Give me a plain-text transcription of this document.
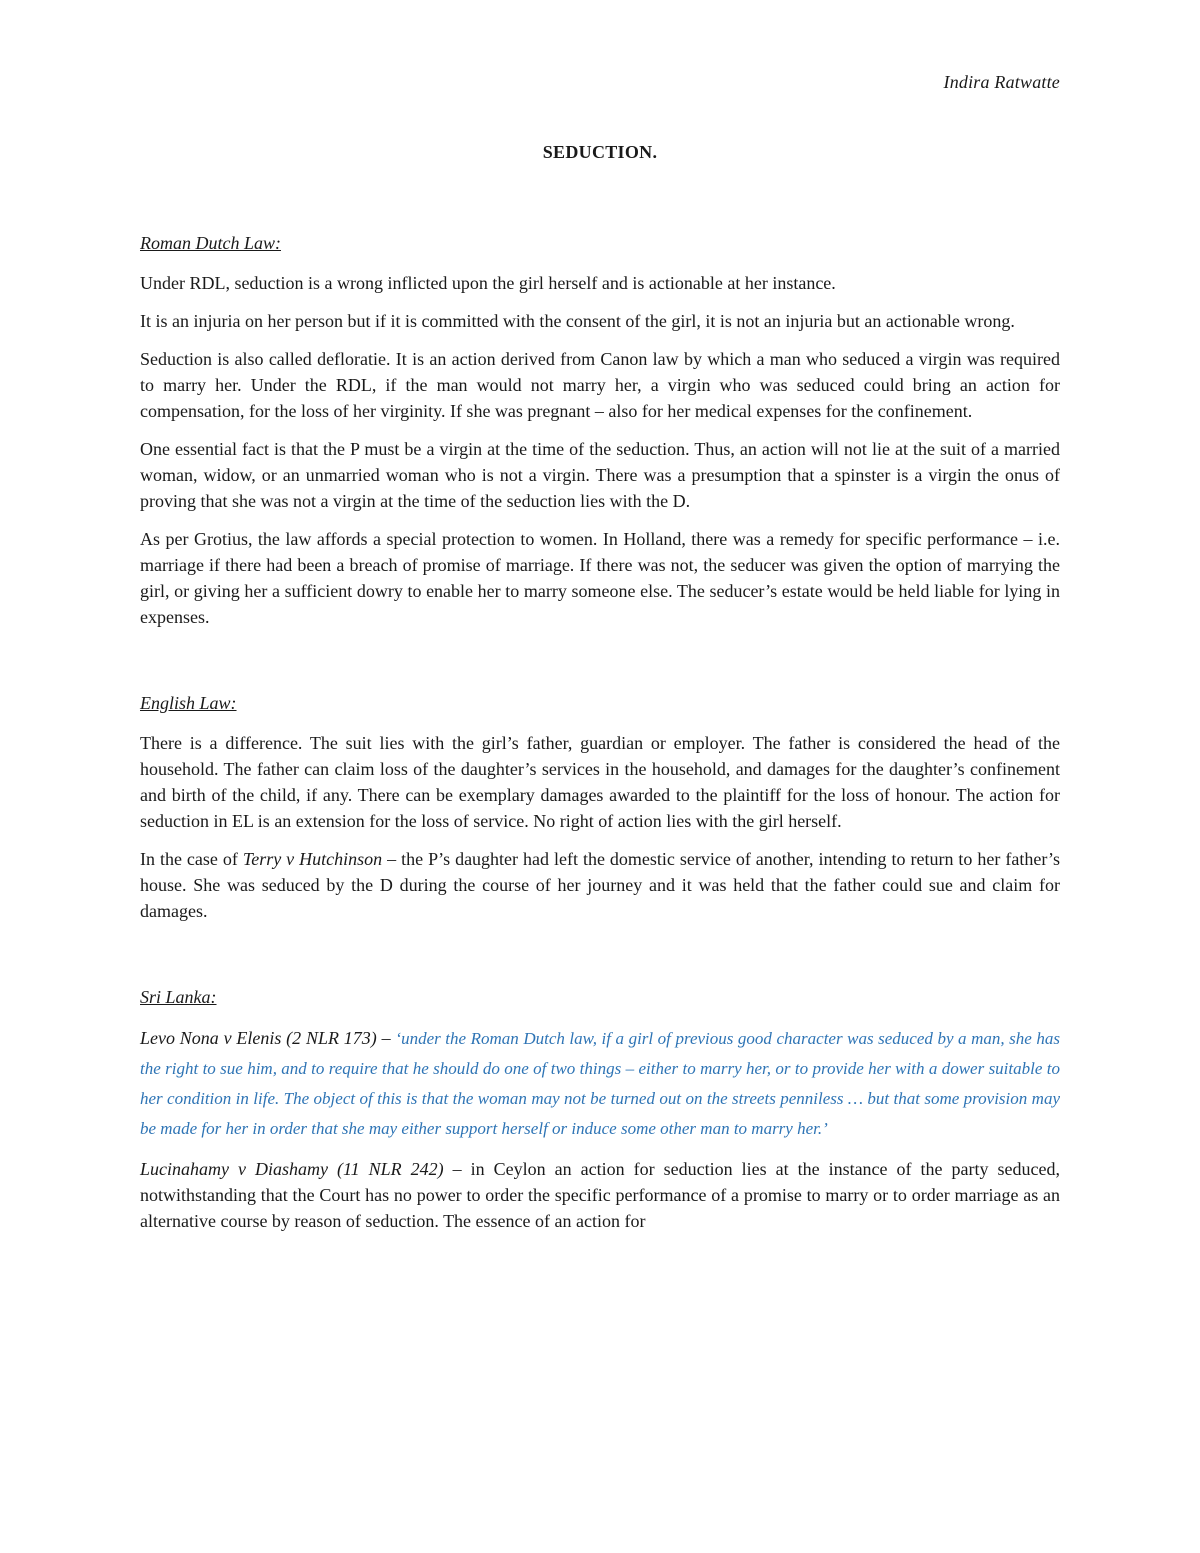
Indira Ratwatte
SEDUCTION.
Roman Dutch Law:

Under RDL, seduction is a wrong inflicted upon the girl herself and is actionable at her instance.

It is an injuria on her person but if it is committed with the consent of the girl, it is not an injuria but an actionable wrong.

Seduction is also called defloratie. It is an action derived from Canon law by which a man who seduced a virgin was required to marry her. Under the RDL, if the man would not marry her, a virgin who was seduced could bring an action for compensation, for the loss of her virginity. If she was pregnant – also for her medical expenses for the confinement.

One essential fact is that the P must be a virgin at the time of the seduction. Thus, an action will not lie at the suit of a married woman, widow, or an unmarried woman who is not a virgin. There was a presumption that a spinster is a virgin the onus of proving that she was not a virgin at the time of the seduction lies with the D.

As per Grotius, the law affords a special protection to women. In Holland, there was a remedy for specific performance – i.e. marriage if there had been a breach of promise of marriage. If there was not, the seducer was given the option of marrying the girl, or giving her a sufficient dowry to enable her to marry someone else. The seducer’s estate would be held liable for lying in expenses.

English Law:

There is a difference. The suit lies with the girl’s father, guardian or employer. The father is considered the head of the household. The father can claim loss of the daughter’s services in the household, and damages for the daughter’s confinement and birth of the child, if any. There can be exemplary damages awarded to the plaintiff for the loss of honour. The action for seduction in EL is an extension for the loss of service. No right of action lies with the girl herself.

In the case of Terry v Hutchinson – the P’s daughter had left the domestic service of another, intending to return to her father’s house. She was seduced by the D during the course of her journey and it was held that the father could sue and claim for damages.

Sri Lanka:

Levo Nona v Elenis (2 NLR 173) – ‘under the Roman Dutch law, if a girl of previous good character was seduced by a man, she has the right to sue him, and to require that he should do one of two things – either to marry her, or to provide her with a dower suitable to her condition in life. The object of this is that the woman may not be turned out on the streets penniless … but that some provision may be made for her in order that she may either support herself or induce some other man to marry her.’

Lucinahamy v Diashamy (11 NLR 242) – in Ceylon an action for seduction lies at the instance of the party seduced, notwithstanding that the Court has no power to order the specific performance of a promise to marry or to order marriage as an alternative course by reason of seduction. The essence of an action for
